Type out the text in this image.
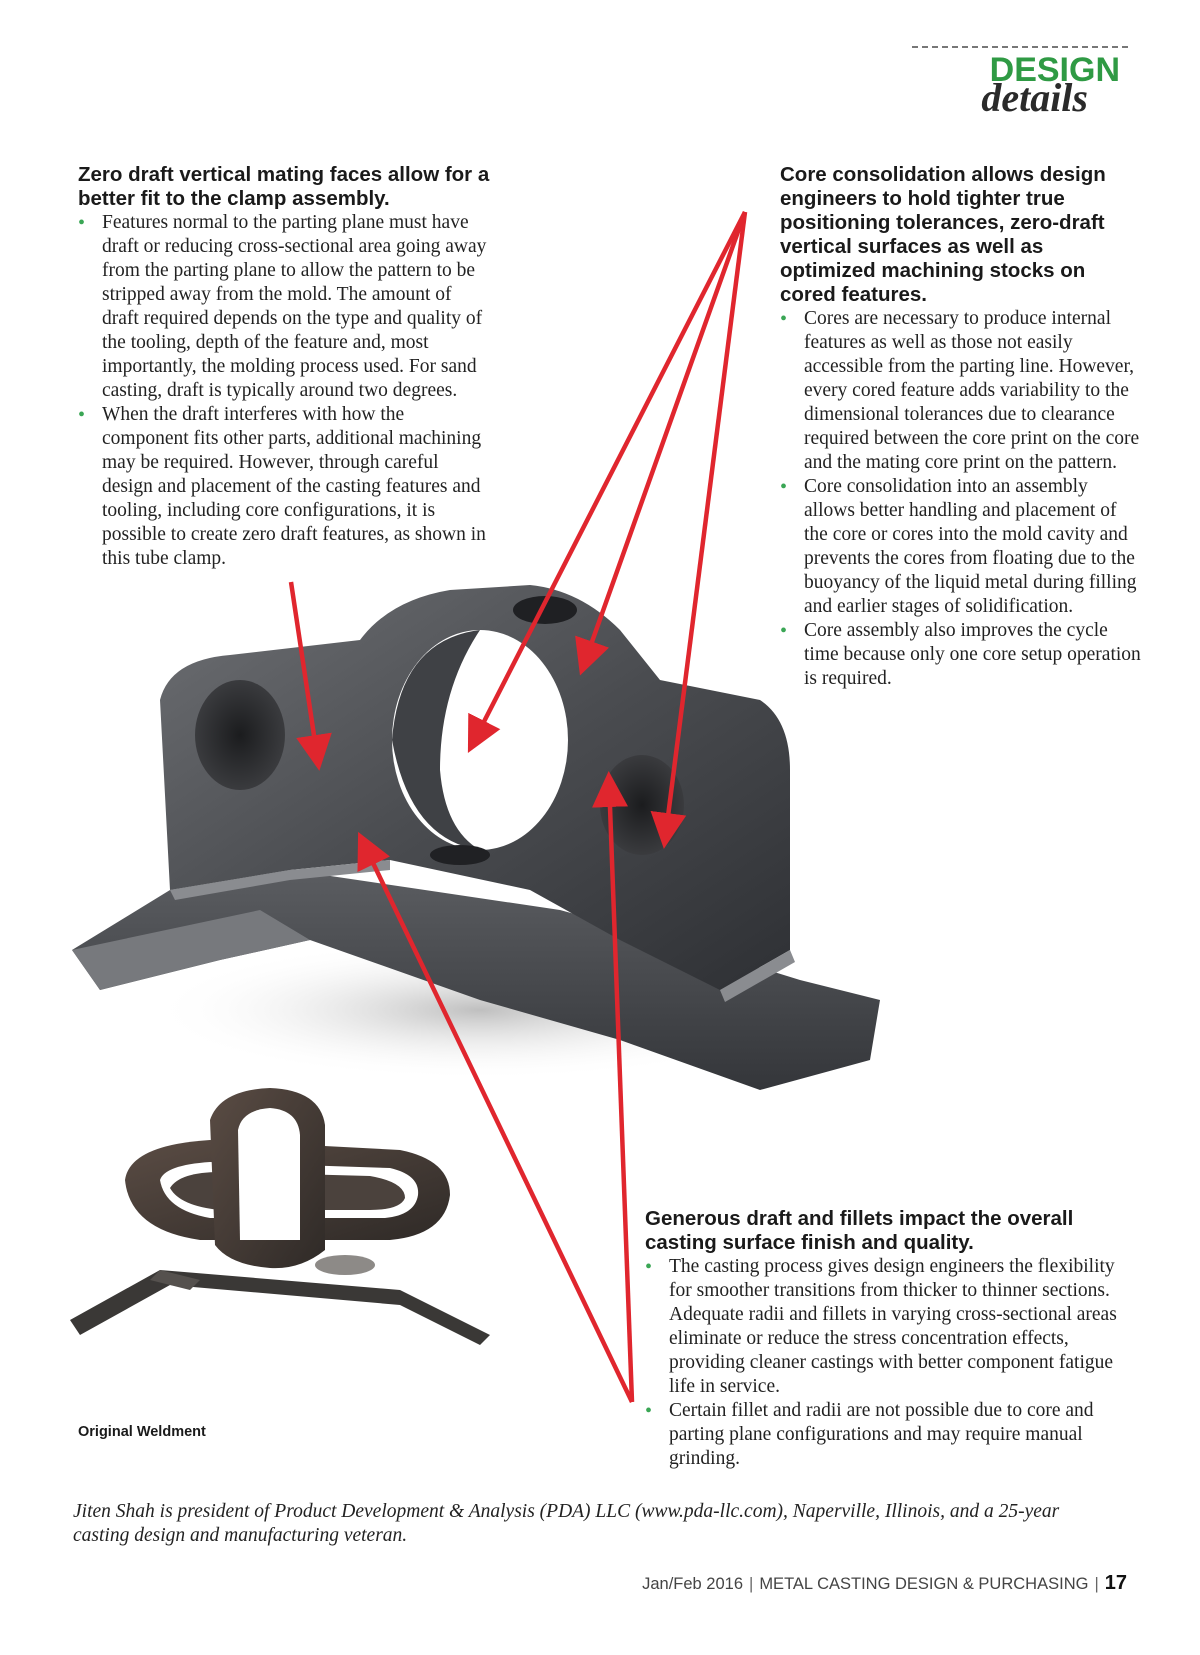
DESIGN
details
Zero draft vertical mating faces allow for a better fit to the clamp assembly.
• Features normal to the parting plane must have draft or reducing cross-sectional area going away from the parting plane to allow the pattern to be stripped away from the mold. The amount of draft required depends on the type and quality of the tooling, depth of the feature and, most importantly, the molding process used. For sand casting, draft is typically around two degrees.
• When the draft interferes with how the component fits other parts, additional machining may be required. However, through careful design and placement of the casting features and tooling, including core configurations, it is possible to create zero draft features, as shown in this tube clamp.
Core consolidation allows design engineers to hold tighter true positioning tolerances, zero-draft vertical surfaces as well as optimized machining stocks on cored features.
• Cores are necessary to produce internal features as well as those not easily accessible from the parting line. However, every cored feature adds variability to the dimensional tolerances due to clearance required between the core print on the core and the mating core print on the pattern.
• Core consolidation into an assembly allows better handling and placement of the core or cores into the mold cavity and prevents the cores from floating due to the buoyancy of the liquid metal during filling and earlier stages of solidification.
• Core assembly also improves the cycle time because only one core setup operation is required.
Generous draft and fillets impact the overall casting surface finish and quality.
• The casting process gives design engineers the flexibility for smoother transitions from thicker to thinner sections. Adequate radii and fillets in varying cross-sectional areas eliminate or reduce the stress concentration effects, providing cleaner castings with better component fatigue life in service.
• Certain fillet and radii are not possible due to core and parting plane configurations and may require manual grinding.
Original Weldment
Jiten Shah is president of Product Development & Analysis (PDA) LLC (www.pda-llc.com), Naperville, Illinois, and a 25-year casting design and manufacturing veteran.
Jan/Feb 2016 | METAL CASTING DESIGN & PURCHASING | 17
